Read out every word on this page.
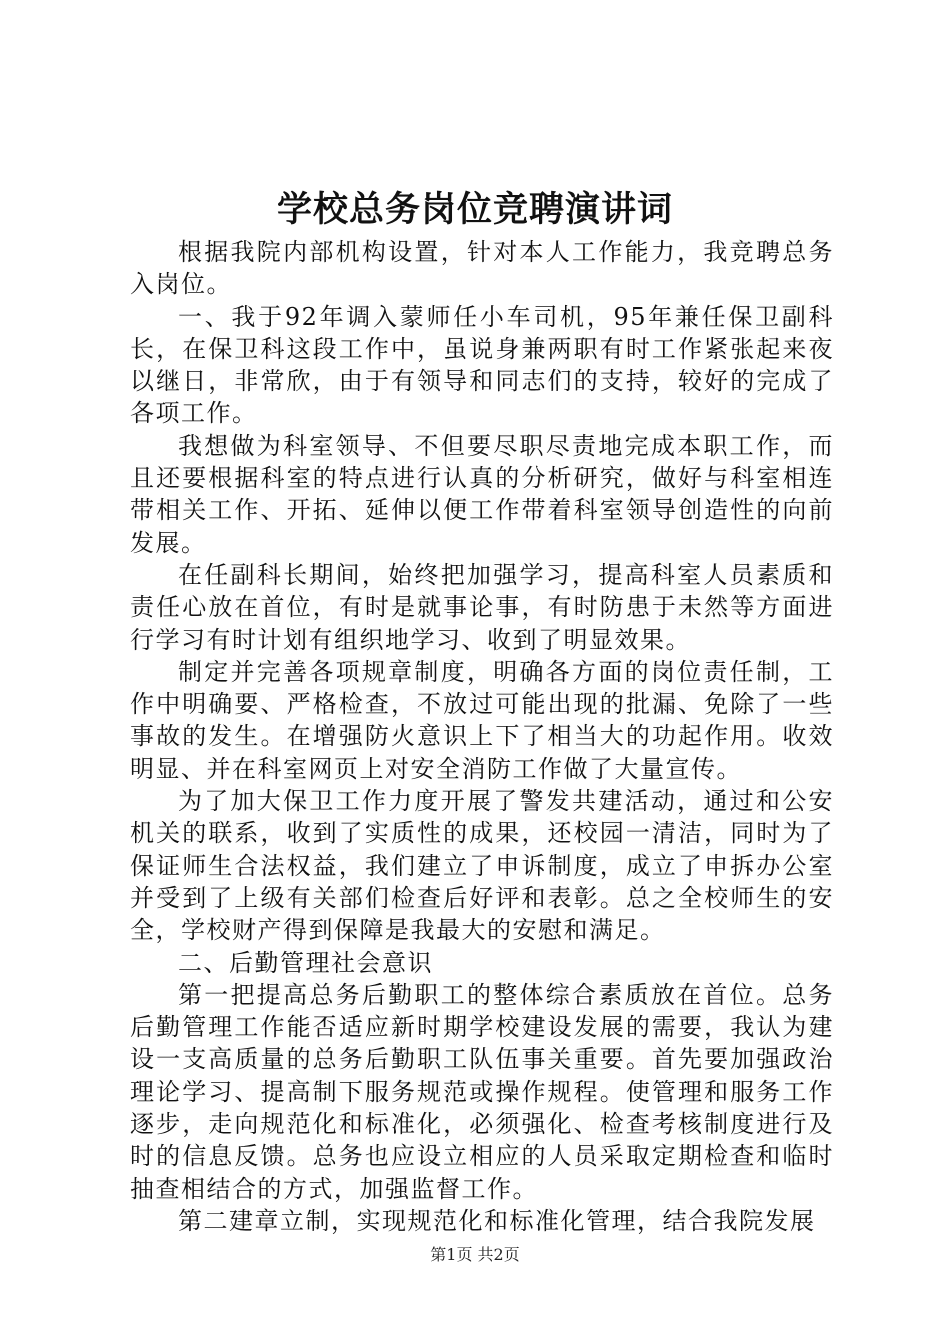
学校总务岗位竞聘演讲词

根据我院内部机构设置，针对本人工作能力，我竞聘总务入岗位。

一、我于92年调入蒙师任小车司机，95年兼任保卫副科长，在保卫科这段工作中，虽说身兼两职有时工作紧张起来夜以继日，非常欣，由于有领导和同志们的支持，较好的完成了各项工作。

我想做为科室领导、不但要尽职尽责地完成本职工作，而且还要根据科室的特点进行认真的分析研究，做好与科室相连带相关工作、开拓、延伸以便工作带着科室领导创造性的向前发展。

在任副科长期间，始终把加强学习，提高科室人员素质和责任心放在首位，有时是就事论事，有时防患于未然等方面进行学习有时计划有组织地学习、收到了明显效果。

制定并完善各项规章制度，明确各方面的岗位责任制，工作中明确要、严格检查，不放过可能出现的批漏、免除了一些事故的发生。在增强防火意识上下了相当大的功起作用。收效明显、并在科室网页上对安全消防工作做了大量宣传。

为了加大保卫工作力度开展了警发共建活动，通过和公安机关的联系，收到了实质性的成果，还校园一清洁，同时为了保证师生合法权益，我们建立了申诉制度，成立了申拆办公室并受到了上级有关部们检查后好评和表彰。总之全校师生的安全，学校财产得到保障是我最大的安慰和满足。

二、后勤管理社会意识

第一把提高总务后勤职工的整体综合素质放在首位。总务后勤管理工作能否适应新时期学校建设发展的需要，我认为建设一支高质量的总务后勤职工队伍事关重要。首先要加强政治理论学习、提高制下服务规范或操作规程。使管理和服务工作逐步，走向规范化和标准化，必须强化、检查考核制度进行及时的信息反馈。总务也应设立相应的人员采取定期检查和临时抽查相结合的方式，加强监督工作。

第二建章立制，实现规范化和标准化管理，结合我院发展

第1页 共2页
